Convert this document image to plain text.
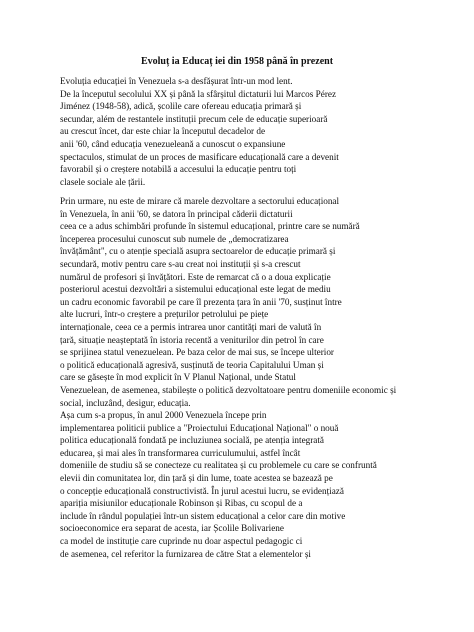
Evoluț ia Educaț iei din 1958 până în prezent
Evoluția educației în Venezuela s-a desfășurat într-un mod lent.
De la începutul secolului XX și până la sfârșitul dictaturii lui Marcos Pérez
Jiménez (1948-58), adică, școlile care ofereau educația primară și
secundar, além de restantele instituții precum cele de educație superioară
au crescut încet, dar este chiar la începutul decadelor de
anii '60, când educația venezueleană a cunoscut o expansiune
spectaculos, stimulat de un proces de masificare educațională care a devenit
favorabil și o creștere notabilă a accesului la educație pentru toți
clasele sociale ale țării.
Prin urmare, nu este de mirare că marele dezvoltare a sectorului educațional
în Venezuela, în anii '60, se datora în principal căderii dictaturii
ceea ce a adus schimbări profunde în sistemul educațional, printre care se numără
începerea procesului cunoscut sub numele de „democratizarea
învățământ", cu o atenție specială asupra sectoarelor de educație primară și
secundară, motiv pentru care s-au creat noi instituții și s-a crescut
numărul de profesori și învățători. Este de remarcat că o a doua explicație
posteriorul acestui dezvoltări a sistemului educațional este legat de mediu
un cadru economic favorabil pe care îl prezenta țara în anii '70, susținut între
alte lucruri, într-o creștere a prețurilor petrolului pe piețe
internaționale, ceea ce a permis intrarea unor cantități mari de valută în
țară, situație neașteptată în istoria recentă a veniturilor din petrol în care
se sprijinea statul venezuelean. Pe baza celor de mai sus, se începe ulterior
o politică educațională agresivă, susținută de teoria Capitalului Uman și
care se găsește în mod explicit în V Planul Național, unde Statul
Venezuelean, de asemenea, stabilește o politică dezvoltatoare pentru domeniile economic și
social, incluzând, desigur, educația.
Așa cum s-a propus, în anul 2000 Venezuela începe prin
implementarea politicii publice a "Proiectului Educațional Național" o nouă
politica educațională fondată pe incluziunea socială, pe atenția integrată
educarea, și mai ales în transformarea curriculumului, astfel încât
domeniile de studiu să se conecteze cu realitatea și cu problemele cu care se confruntă
elevii din comunitatea lor, din țară și din lume, toate acestea se bazează pe
o concepție educațională constructivistă. În jurul acestui lucru, se evidențiază
apariția misiunilor educaționale Robinson și Ribas, cu scopul de a
include în rândul populației într-un sistem educațional a celor care din motive
socioeconomice era separat de acesta, iar Școlile Bolivariene
ca model de instituție care cuprinde nu doar aspectul pedagogic ci
de asemenea, cel referitor la furnizarea de către Stat a elementelor și
